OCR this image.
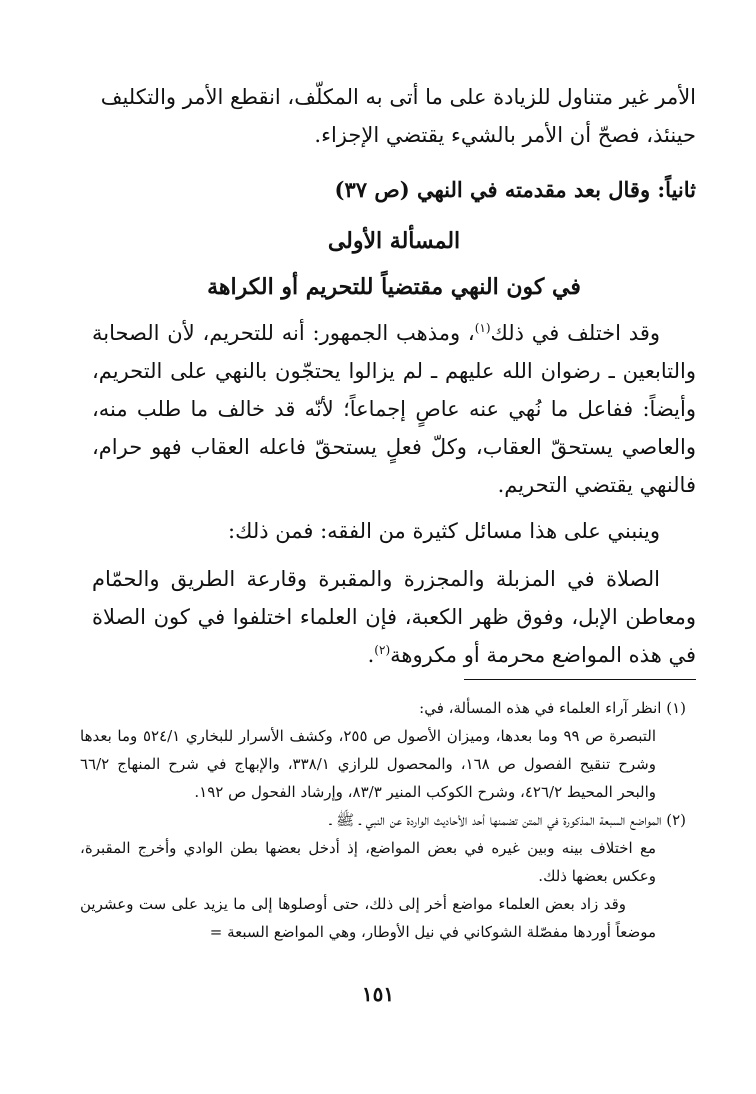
الأمر غير متناول للزيادة على ما أتى به المكلّف، انقطع الأمر والتكليف

حينئذ، فصحّ أن الأمر بالشيء يقتضي الإجزاء.

ثانياً: وقال بعد مقدمته في النهي (ص ٣٧)

المسألة الأولى
في كون النهي مقتضياً للتحريم أو الكراهة

وقد اختلف في ذلك$^{(١)}$، ومذهب الجمهور: أنه للتحريم، لأن الصحابة والتابعين ـ رضوان الله عليهم ـ لم يزالوا يحتجّون بالنهي على التحريم، وأيضاً: ففاعل ما نُهي عنه عاصٍ إجماعاً؛ لأنّه قد خالف ما طلب منه، والعاصي يستحقّ العقاب، وكلّ فعلٍ يستحقّ فاعله العقاب فهو حرام، فالنهي يقتضي التحريم.

وينبني على هذا مسائل كثيرة من الفقه: فمن ذلك:

الصلاة في المزبلة والمجزرة والمقبرة وقارعة الطريق والحمّام ومعاطن الإبل، وفوق ظهر الكعبة، فإن العلماء اختلفوا في كون الصلاة في هذه المواضع محرمة أو مكروهة$^{(٢)}$.

(١) انظر آراء العلماء في هذه المسألة، في:

التبصرة ص ٩٩ وما بعدها، وميزان الأصول ص ٢٥٥، وكشف الأسرار للبخاري ٥٢٤/١ وما بعدها وشرح تنقيح الفصول ص ١٦٨، والمحصول للرازي ٣٣٨/١، والإبهاج في شرح المنهاج ٦٦/٢ والبحر المحيط ٤٢٦/٢، وشرح الكوكب المنير ٨٣/٣، وإرشاد الفحول ص ١٩٢.

(٢) المواضع السبعة المذكورة في المتن تضمنها أحد الأحاديث الواردة عن النبي ـ ﷺ ـ

مع اختلاف بينه وبين غيره في بعض المواضع، إذ أدخل بعضها بطن الوادي وأخرج المقبرة، وعكس بعضها ذلك.

وقد زاد بعض العلماء مواضع أخر إلى ذلك، حتى أوصلوها إلى ما يزيد على ست وعشرين موضعاً أوردها مفصّلة الشوكاني في نيل الأوطار، وهي المواضع السبعة =

١٥١
